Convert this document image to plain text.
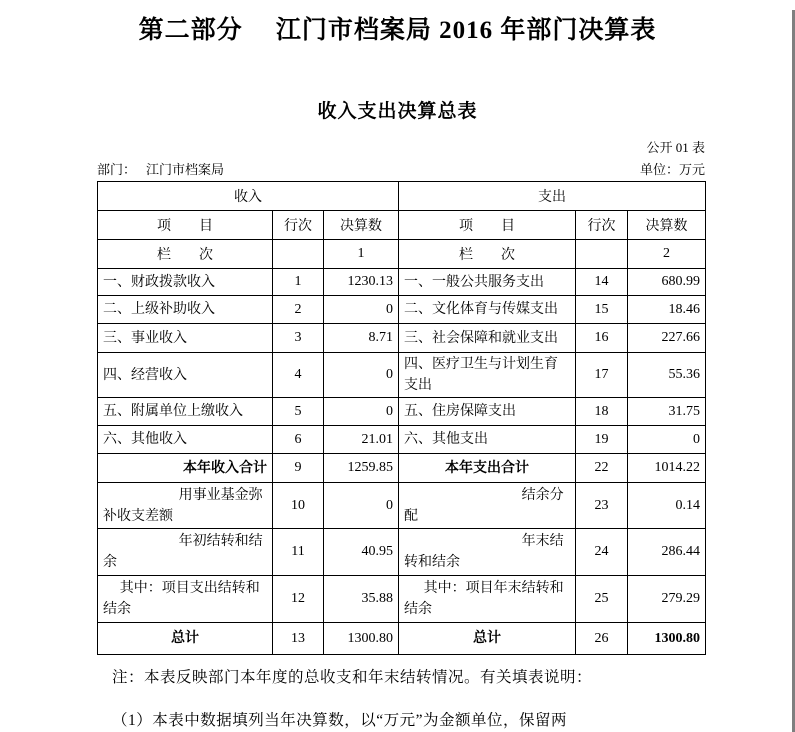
第二部分　 江门市档案局 2016 年部门决算表
收入支出决算总表
公开 01 表
部门： 江门市档案局	单位：万元
收入			支出		
项　　目	行次	决算数	项　　目	行次	决算数
栏　　次		1	栏　　次		2
一、财政拨款收入	1	1230.13	一、一般公共服务支出	14	680.99
二、上级补助收入	2	0	二、文化体育与传媒支出	15	18.46
三、事业收入	3	8.71	三、社会保障和就业支出	16	227.66
四、经营收入	4	0	四、医疗卫生与计划生育支出	17	55.36
五、附属单位上缴收入	5	0	五、住房保障支出	18	31.75
六、其他收入	6	21.01	六、其他支出	19	0
本年收入合计	9	1259.85	本年支出合计	22	1014.22
用事业基金弥补收支差额	10	0	结余分配	23	0.14
年初结转和结余	11	40.95	年末结转和结余	24	286.44
其中：项目支出结转和结余	12	35.88	其中：项目年末结转和结余	25	279.29
总计	13	1300.80	总计	26	1300.80
注：本表反映部门本年度的总收支和年末结转情况。有关填表说明：
（1）本表中数据填列当年决算数，以“万元”为金额单位，保留两
